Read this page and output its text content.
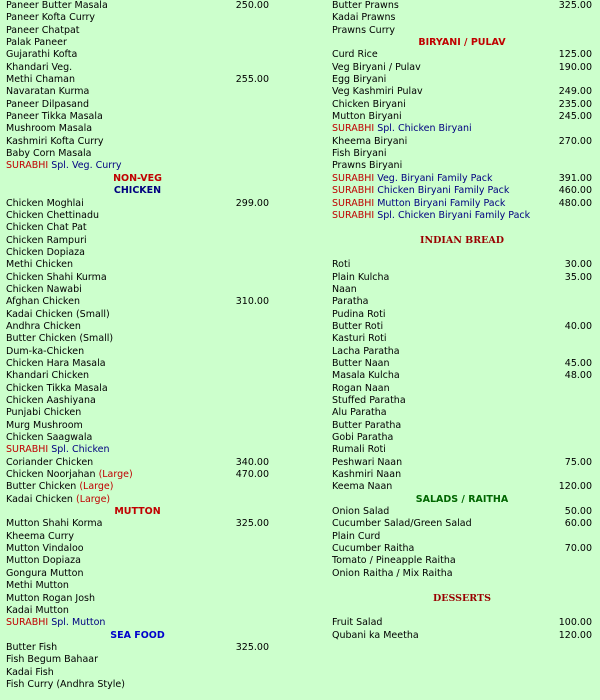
Paneer Butter Masala	250.00
Paneer Kofta Curry
Paneer Chatpat
Palak Paneer
Gujarathi Kofta
Khandari Veg.
Methi Chaman	255.00
Navaratan Kurma
Paneer Dilpasand
Paneer Tikka Masala
Mushroom Masala
Kashmiri Kofta Curry
Baby Corn Masala
SURABHI Spl. Veg. Curry
NON-VEG
CHICKEN
Chicken Moghlai	299.00
Chicken Chettinadu
Chicken Chat Pat
Chicken Rampuri
Chicken Dopiaza
Methi Chicken
Chicken Shahi Kurma
Chicken Nawabi
Afghan Chicken	310.00
Kadai Chicken (Small)
Andhra Chicken
Butter Chicken (Small)
Dum-ka-Chicken
Chicken Hara Masala
Khandari Chicken
Chicken Tikka Masala
Chicken Aashiyana
Punjabi Chicken
Murg Mushroom
Chicken Saagwala
SURABHI Spl. Chicken
Coriander Chicken	340.00
Chicken Noorjahan (Large)	470.00
Butter Chicken (Large)
Kadai Chicken (Large)
MUTTON
Mutton Shahi Korma	325.00
Kheema Curry
Mutton Vindaloo
Mutton Dopiaza
Gongura Mutton
Methi Mutton
Mutton Rogan Josh
Kadai Mutton
SURABHI Spl. Mutton
SEA FOOD
Butter Fish	325.00
Fish Begum Bahaar
Kadai Fish
Fish Curry (Andhra Style)
Butter Prawns	325.00
Kadai Prawns
Prawns Curry
BIRYANI / PULAV
Curd Rice	125.00
Veg Biryani / Pulav	190.00
Egg Biryani
Veg Kashmiri Pulav	249.00
Chicken Biryani	235.00
Mutton Biryani	245.00
SURABHI Spl. Chicken Biryani
Kheema Biryani	270.00
Fish Biryani
Prawns Biryani
SURABHI Veg. Biryani Family Pack	391.00
SURABHI Chicken Biryani Family Pack	460.00
SURABHI Mutton Biryani Family Pack	480.00
SURABHI Spl. Chicken Biryani Family Pack
INDIAN BREAD
Roti	30.00
Plain Kulcha	35.00
Naan
Paratha
Pudina Roti
Butter Roti	40.00
Kasturi Roti
Lacha Paratha
Butter Naan	45.00
Masala Kulcha	48.00
Rogan Naan
Stuffed Paratha
Alu Paratha
Butter Paratha
Gobi Paratha
Rumali Roti
Peshwari Naan	75.00
Kashmiri Naan
Keema Naan	120.00
SALADS / RAITHA
Onion Salad	50.00
Cucumber Salad/Green Salad	60.00
Plain Curd
Cucumber Raitha	70.00
Tomato / Pineapple Raitha
Onion Raitha / Mix Raitha
DESSERTS
Fruit Salad	100.00
Qubani ka Meetha	120.00
